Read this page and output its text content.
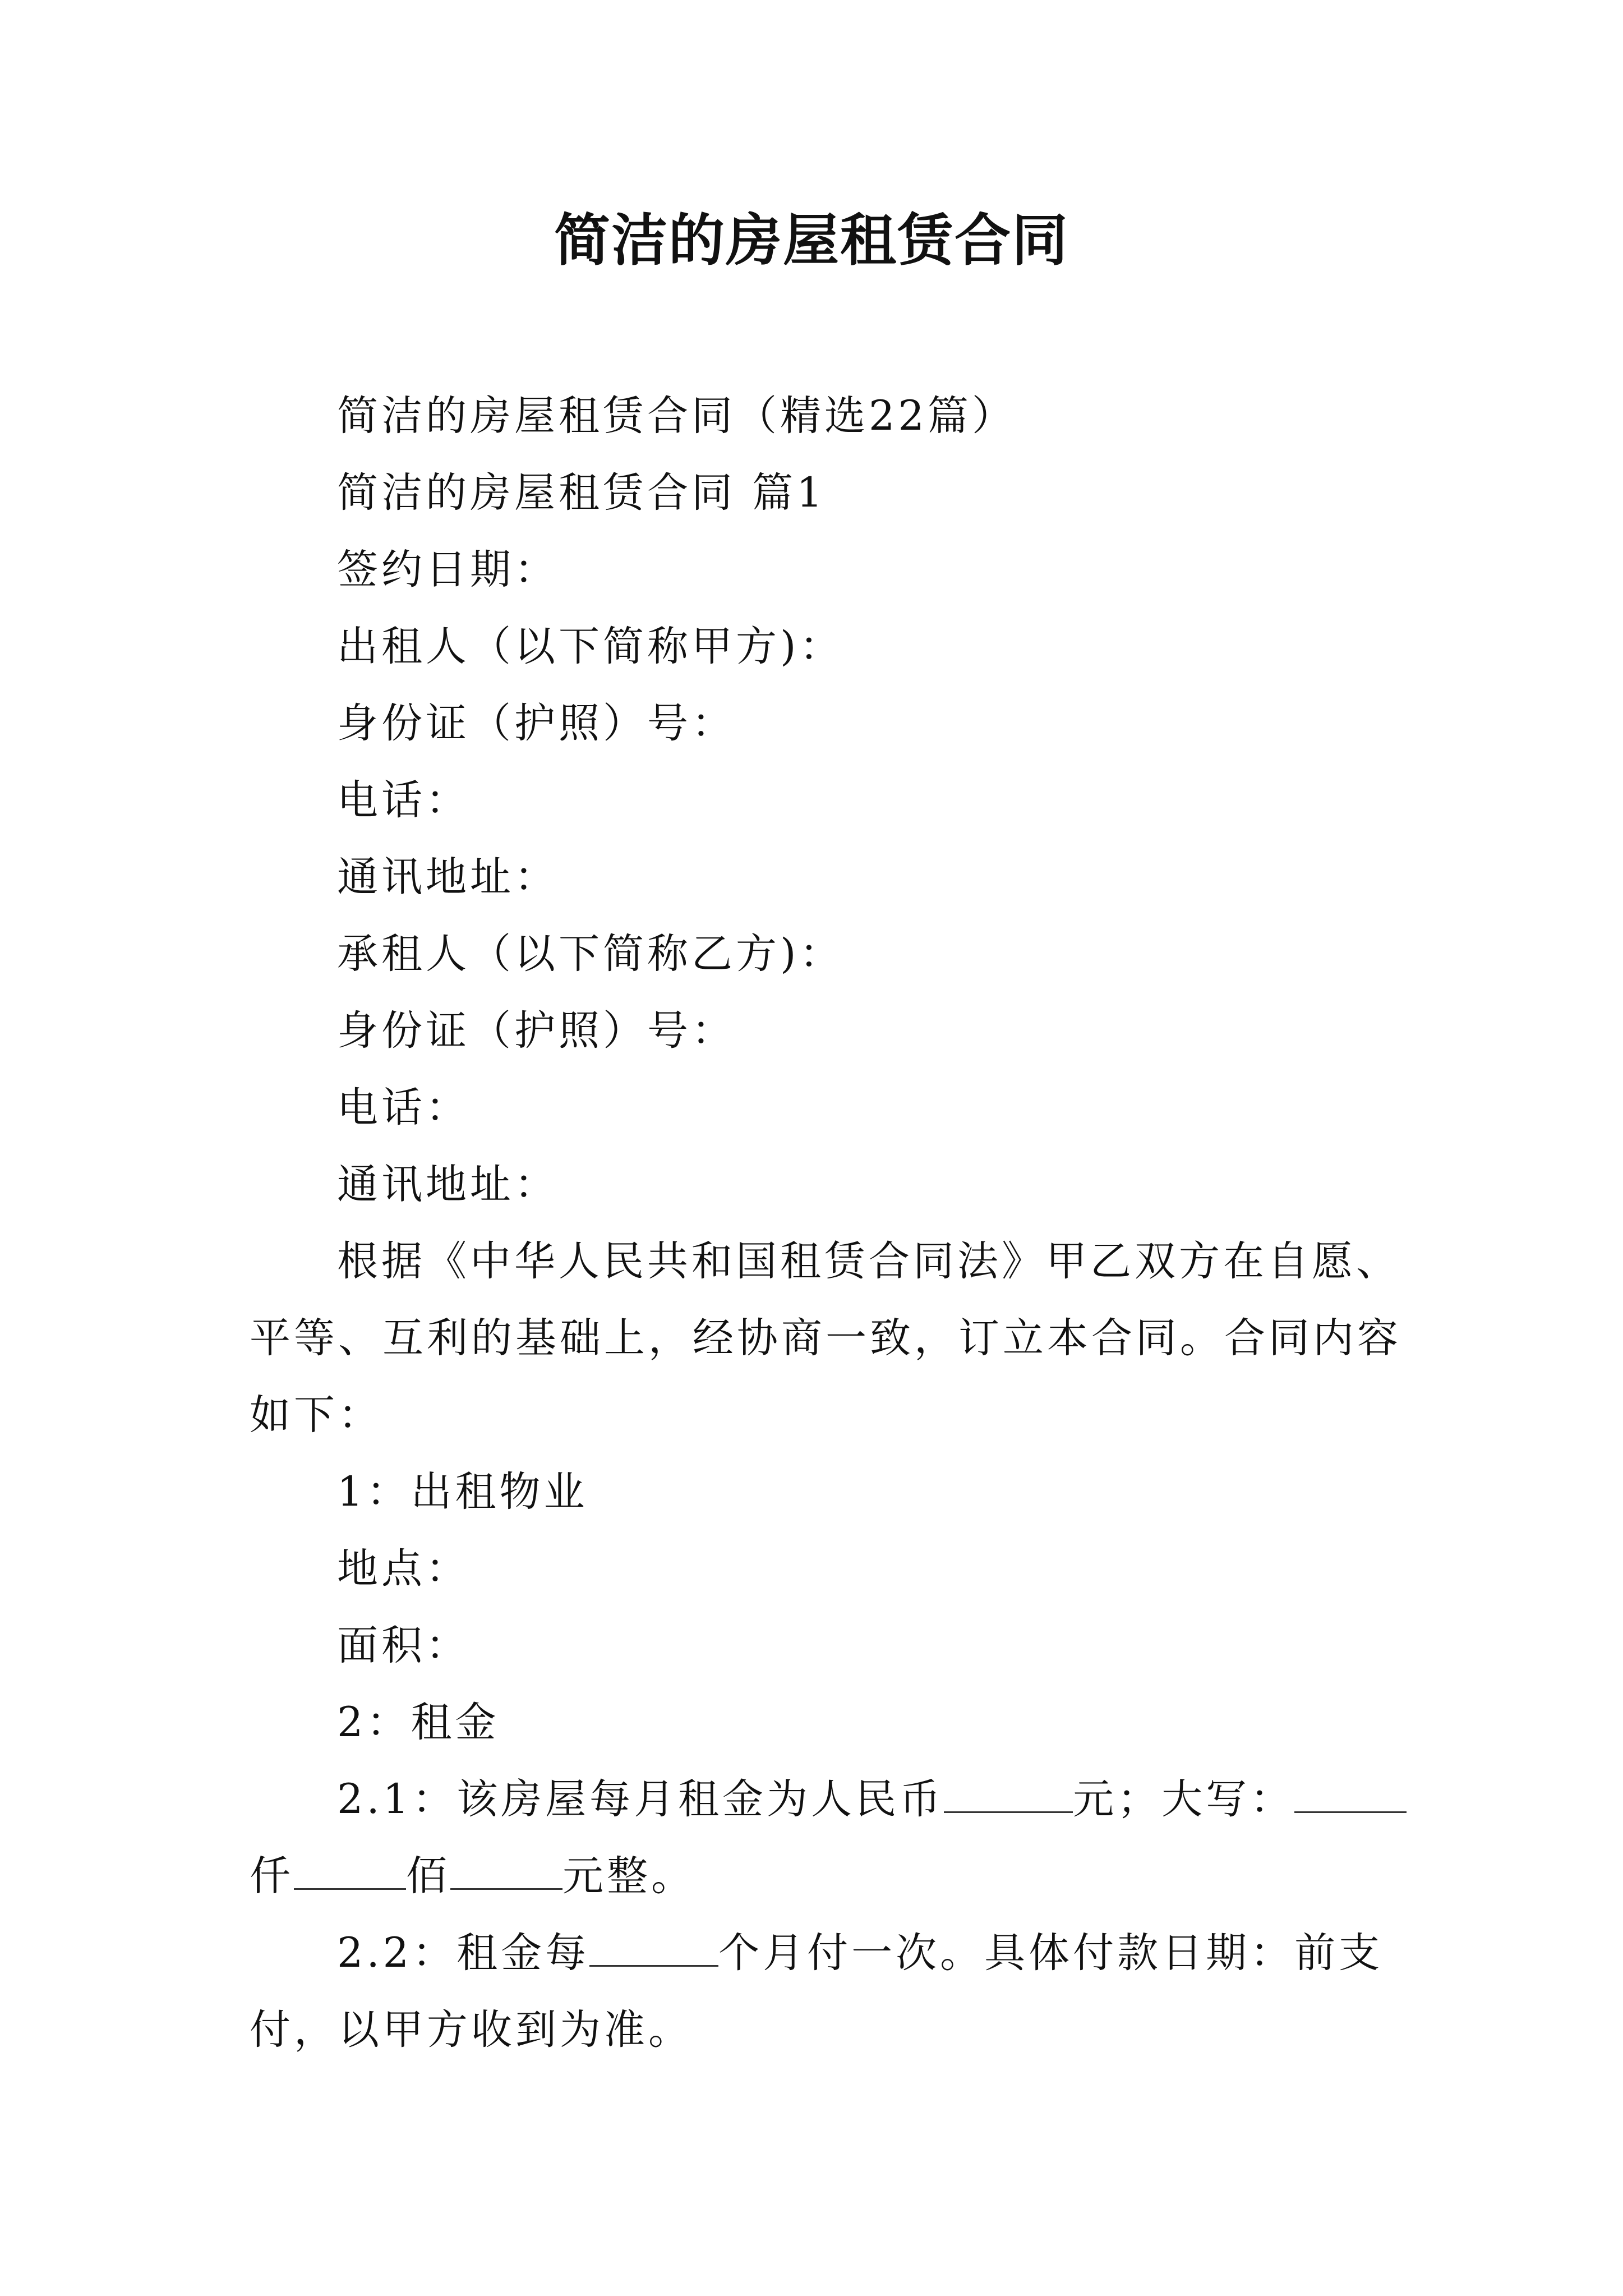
简洁的房屋租赁合同
简洁的房屋租赁合同（精选22篇）
简洁的房屋租赁合同 篇1
签约日期：
出租人（以下简称甲方)：
身份证（护照）号：
电话：
通讯地址：
承租人（以下简称乙方)：
身份证（护照）号：
电话：
通讯地址：
根据《中华人民共和国租赁合同法》甲乙双方在自愿、
平等、互利的基础上，经协商一致，订立本合同。合同内容
如下：
1：出租物业
地点：
面积：
2：租金
2.1：该房屋每月租金为人民币	元；大写：
仟	佰	元整。
2.2：租金每	个月付一次。具体付款日期：前支
付，以甲方收到为准。
